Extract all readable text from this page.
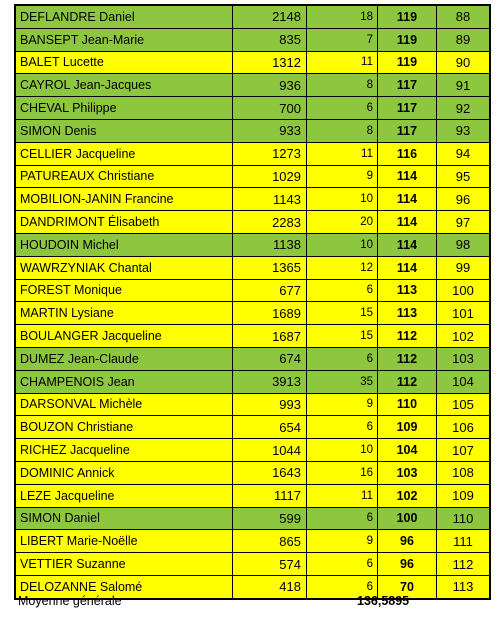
DEFLANDRE Daniel	2148	18	119	88
BANSEPT Jean-Marie	835	7	119	89
BALET Lucette	1312	11	119	90
CAYROL Jean-Jacques	936	8	117	91
CHEVAL Philippe	700	6	117	92
SIMON Denis	933	8	117	93
CELLIER Jacqueline	1273	11	116	94
PATUREAUX Christiane	1029	9	114	95
MOBILION-JANIN Francine	1143	10	114	96
DANDRIMONT Élisabeth	2283	20	114	97
HOUDOIN Michel	1138	10	114	98
WAWRZYNIAK Chantal	1365	12	114	99
FOREST Monique	677	6	113	100
MARTIN Lysiane	1689	15	113	101
BOULANGER Jacqueline	1687	15	112	102
DUMEZ Jean-Claude	674	6	112	103
CHAMPENOIS Jean	3913	35	112	104
DARSONVAL Michèle	993	9	110	105
BOUZON Christiane	654	6	109	106
RICHEZ Jacqueline	1044	10	104	107
DOMINIC Annick	1643	16	103	108
LEZE Jacqueline	1117	11	102	109
SIMON Daniel	599	6	100	110
LIBERT Marie-Noëlle	865	9	96	111
VETTIER Suzanne	574	6	96	112
DELOZANNE Salomé	418	6	70	113
Moyenne générale	136,5895
